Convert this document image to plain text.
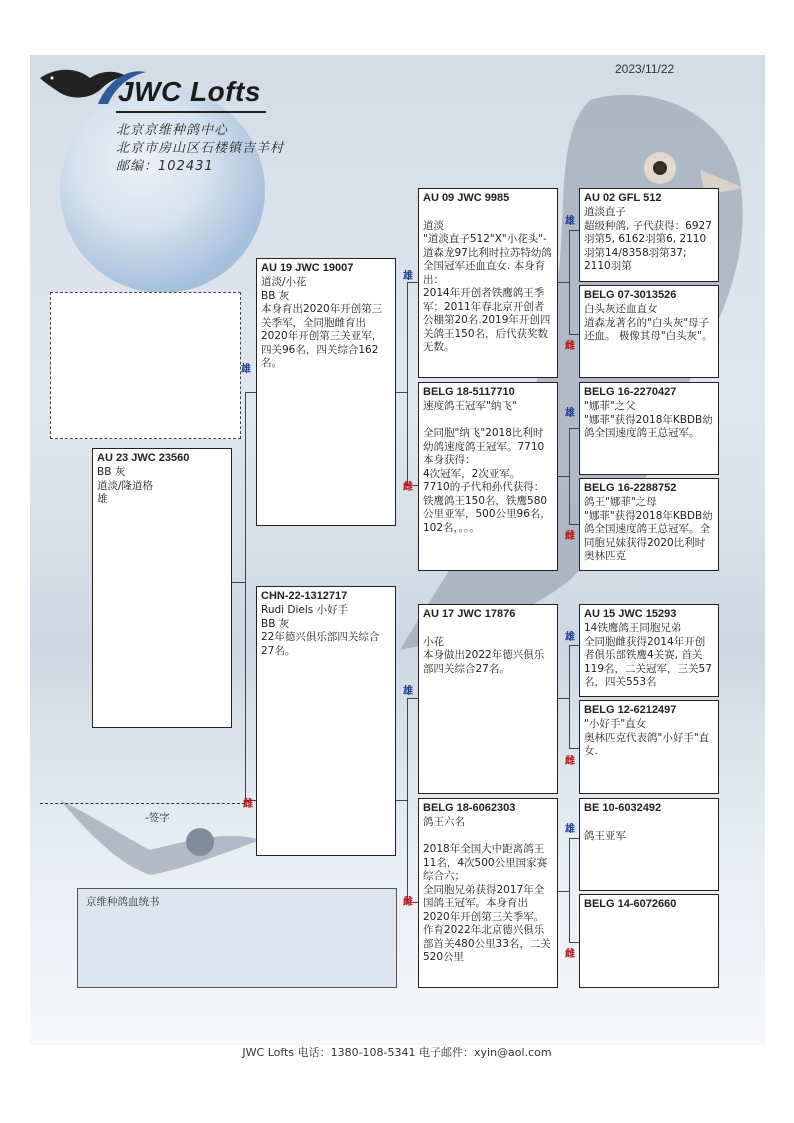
JWC Lofts
北京京维种鸽中心
北京市房山区石楼镇吉羊村
邮编：102431
2023/11/22
雄
雌
雄
雌
雄
雌
雄
雌
雄
雌
雄
雌
雄
雌
AU 23 JWC 23560
BB 灰
道淡/隆道格
雄
AU 19 JWC 19007
道淡/小花
BB 灰
本身育出2020年开创第三关季军，全同胞雌育出2020年开创第三关亚军，四关96名，四关综合162名。
CHN-22-1312717
Rudi Diels 小好手
BB 灰
22年德兴俱乐部四关综合27名。
AU 09 JWC 9985

道淡
"道淡直子512"X"小花头"-道森龙97比利时拉苏特幼鸽全国冠军还血直女. 本身育出：
2014年开创者铁鹰鸽王季军；2011年春北京开创者公棚第20名.2019年开创四关鸽王150名，后代获奖数无数。
BELG 18-5117710
速度鸽王冠军"纳飞"

全同胞"纳飞"2018比利时幼鸽速度鸽王冠军。7710本身获得：
4次冠军，2次亚军。
7710的子代和孙代获得：铁鹰鸽王150名，铁鹰580公里亚军，500公里96名，102名，。。。
AU 17 JWC 17876

小花
本身做出2022年德兴俱乐部四关综合27名。
BELG 18-6062303
鸽王六名

2018年全国大中距离鸽王11名，4次500公里国家赛综合六；
全同胞兄弟获得2017年全国鸽王冠军。本身育出2020年开创第三关季军。作育2022年北京德兴俱乐部首关480公里33名，二关520公里
AU 02 GFL 512
道淡直子
超级种鸽, 子代获得：6927羽第5, 6162羽第6, 2110羽第14/8358羽第37; 2110羽第
BELG 07-3013526
白头灰还血直女
道森龙著名的"白头灰"母子还血。 极像其母"白头灰"。
BELG 16-2270427
"娜菲"之父
"娜菲"获得2018年KBDB幼鸽全国速度鸽王总冠军。
BELG 16-2288752
鸽王"娜菲"之母
"娜菲"获得2018年KBDB幼鸽全国速度鸽王总冠军。全同胞兄妹获得2020比利时奥林匹克
AU 15 JWC 15293
14铁鹰鸽王同胞兄弟
全同胞雌获得2014年开创者俱乐部铁鹰4关赛, 首关119名，二关冠军，三关57名，四关553名
BELG 12-6212497
"小好手"直女
奥林匹克代表鸽"小好手"直女.
BE 10-6032492

鸽王亚军
BELG 14-6072660
-签字
京维种鸽血统书
JWC Lofts 电话：1380-108-5341 电子邮件：xyin@aol.com
